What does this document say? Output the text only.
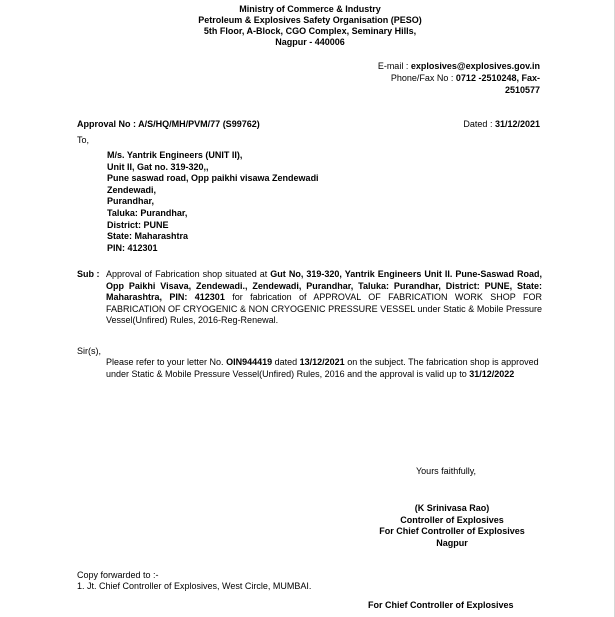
Ministry of Commerce & Industry
Petroleum & Explosives Safety Organisation (PESO)
5th Floor, A-Block, CGO Complex, Seminary Hills,
Nagpur - 440006
E-mail : explosives@explosives.gov.in
Phone/Fax No : 0712 -2510248, Fax-
2510577
Approval No : A/S/HQ/MH/PVM/77 (S99762)	Dated : 31/12/2021
To,
M/s. Yantrik Engineers (UNIT II),
Unit II, Gat no. 319-320,,
Pune saswad road, Opp paikhi visawa Zendewadi
Zendewadi,
Purandhar,
Taluka: Purandhar,
District: PUNE
State: Maharashtra
PIN: 412301
Sub : Approval of Fabrication shop situated at Gut No, 319-320, Yantrik Engineers Unit II. Pune-Saswad Road, Opp Paikhi Visava, Zendewadi., Zendewadi, Purandhar, Taluka: Purandhar, District: PUNE, State: Maharashtra, PIN: 412301 for fabrication of APPROVAL OF FABRICATION WORK SHOP FOR FABRICATION OF CRYOGENIC & NON CRYOGENIC PRESSURE VESSEL under Static & Mobile Pressure Vessel(Unfired) Rules, 2016-Reg-Renewal.
Sir(s),
Please refer to your letter No. OIN944419 dated 13/12/2021 on the subject. The fabrication shop is approved under Static & Mobile Pressure Vessel(Unfired) Rules, 2016 and the approval is valid up to 31/12/2022
Yours faithfully,
(K Srinivasa Rao)
Controller of Explosives
For Chief Controller of Explosives
Nagpur
Copy forwarded to :-
1. Jt. Chief Controller of Explosives, West Circle, MUMBAI.
For Chief Controller of Explosives
